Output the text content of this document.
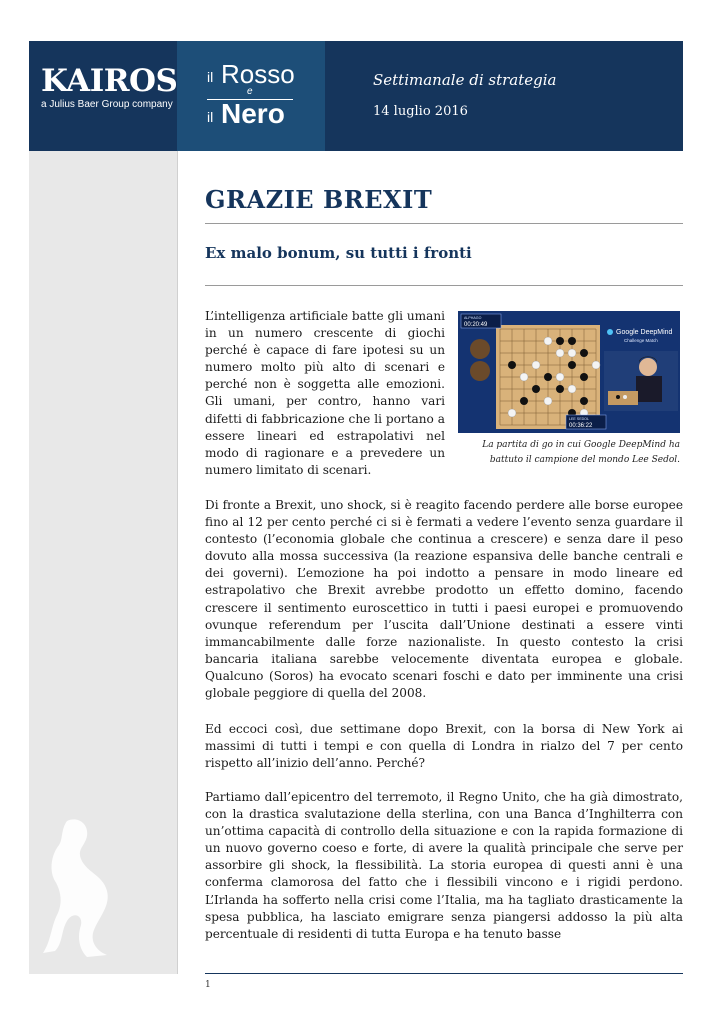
KAIROS
a Julius Baer Group company
il Rosso
e
il Nero
Settimanale di strategia
14 luglio 2016
GRAZIE BREXIT
Ex malo bonum, su tutti i fronti

L’intelligenza artificiale batte gli umani in un numero crescente di giochi perché è capace di fare ipotesi su un numero molto più alto di scenari e perché non è soggetta alle emozioni. Gli umani, per contro, hanno vari difetti di fabbricazione che li portano a essere lineari ed estrapolativi nel modo di ragionare e a prevedere un numero limitato di scenari.

ALPHAGO
00:20:49
LEE SEDOL
00:36:22
Google DeepMind
Challenge Match

La partita di go in cui Google DeepMind ha battuto il campione del mondo Lee Sedol.

Di fronte a Brexit, uno shock, si è reagito facendo perdere alle borse europee fino al 12 per cento perché ci si è fermati a vedere l’evento senza guardare il contesto (l’economia globale che continua a crescere) e senza dare il peso dovuto alla mossa successiva (la reazione espansiva delle banche centrali e dei governi). L’emozione ha poi indotto a pensare in modo lineare ed estrapolativo che Brexit avrebbe prodotto un effetto domino, facendo crescere il sentimento euroscettico in tutti i paesi europei e promuovendo ovunque referendum per l’uscita dall’Unione destinati a essere vinti immancabilmente dalle forze nazionaliste. In questo contesto la crisi bancaria italiana sarebbe velocemente diventata europea e globale. Qualcuno (Soros) ha evocato scenari foschi e dato per imminente una crisi globale peggiore di quella del 2008.

Ed eccoci così, due settimane dopo Brexit, con la borsa di New York ai massimi di tutti i tempi e con quella di Londra in rialzo del 7 per cento rispetto all’inizio dell’anno. Perché?

Partiamo dall’epicentro del terremoto, il Regno Unito, che ha già dimostrato, con la drastica svalutazione della sterlina, con una Banca d’Inghilterra con un’ottima capacità di controllo della situazione e con la rapida formazione di un nuovo governo coeso e forte, di avere la qualità principale che serve per assorbire gli shock, la flessibilità. La storia europea di questi anni è una conferma clamorosa del fatto che i flessibili vincono e i rigidi perdono. L’Irlanda ha sofferto nella crisi come l’Italia, ma ha tagliato drasticamente la spesa pubblica, ha lasciato emigrare senza piangersi addosso la più alta percentuale di residenti di tutta Europa e ha tenuto basse

1
